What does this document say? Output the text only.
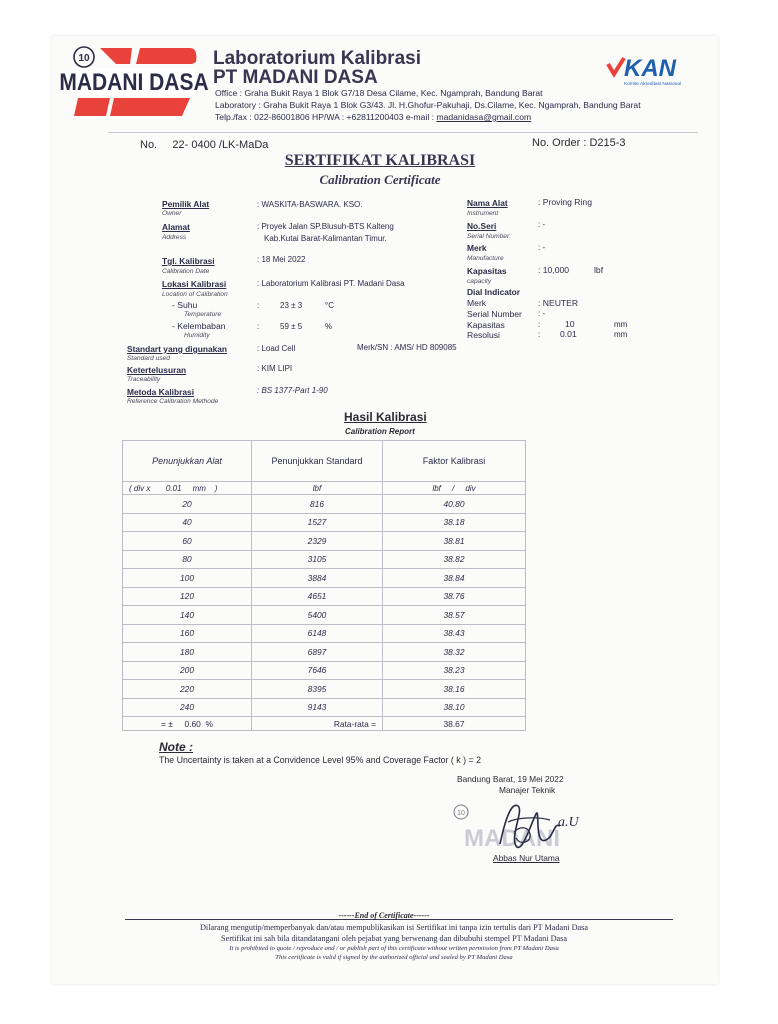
10
MADANI DASA
Laboratorium Kalibrasi
PT MADANI DASA
Office : Graha Bukit Raya 1 Blok G7/18 Desa Cilame, Kec. Ngamprah, Bandung Barat
Laboratory : Graha Bukit Raya 1 Blok G3/43. Jl. H.Ghofur-Pakuhaji, Ds.Cilame, Kec. Ngamprah, Bandung Barat
Telp./fax : 022-86001806 HP/WA : +62811200403 e-mail : madanidasa@gmail.com
KAN
Komite Akreditasi Nasional
No. 22- 0400 /LK-MaDa	No. Order : D215-3
SERTIFIKAT KALIBRASI
Calibration Certificate
Pemilik Alat
Owner
: WASKITA-BASWARA. KSO.
Alamat
Address
: Proyek Jalan SP.Blusuh-BTS Kalteng
Kab.Kutai Barat-Kalimantan Timur.
Tgl. Kalibrasi
Calibration Date
: 18 Mei 2022
Lokasi Kalibrasi
Location of Calibration
: Laboratorium Kalibrasi PT. Madani Dasa
- Suhu
Temperature
:	23 ± 3	°C
- Kelembaban
Humidity
:	59 ± 5	%
Standart yang digunakan
Standard used
: Load Cell	Merk/SN : AMS/ HD 809085
Ketertelusuran
Traceability
: KIM LIPI
Metoda Kalibrasi
Reference Calibration Methode
: BS 1377-Part 1-90
Nama Alat
Instrument
: Proving Ring
No.Seri
Serial Number
: -
Merk
Manufacture
: -
Kapasitas
capacity
: 10,000	lbf
Dial Indicator
Merk	: NEUTER
Serial Number : -
Kapasitas	:	10	mm
Resolusi	: 0.01	mm
Hasil Kalibrasi
Calibration Report
Penunjukkan Alat	Penunjukkan Standard	Faktor Kalibrasi
( div x       0.01     mm    )	lbf	lbf     /     div
20	816	40.80
40	1527	38.18
60	2329	38.81
80	3105	38.82
100	3884	38.84
120	4651	38.76
140	5400	38.57
160	6148	38.43
180	6897	38.32
200	7646	38.23
220	8395	38.16
240	9143	38.10
= ±     0.60  %	Rata-rata =	38.67
Note :
The Uncertainty is taken at a Convidence Level 95% and Coverage Factor ( k ) = 2
Bandung Barat, 19 Mei 2022
Manajer Teknik
10
MADANI
a.U
Abbas Nur Utama
------End of Certificate------
Dilarang mengutip/memperbanyak dan/atau mempublikasikan isi Sertifikat ini tanpa izin tertulis dari PT Madani Dasa
Sertifikat ini sah bila ditandatangani oleh pejabat yang berwenang dan dibubuhi stempel PT Madani Dasa
It is prohibited to quote / reproduce and / or publish part of this certificate without written permission from PT Madani Dasa
This certificate is valid if signed by the authorized official and sealed by PT Madani Dasa
